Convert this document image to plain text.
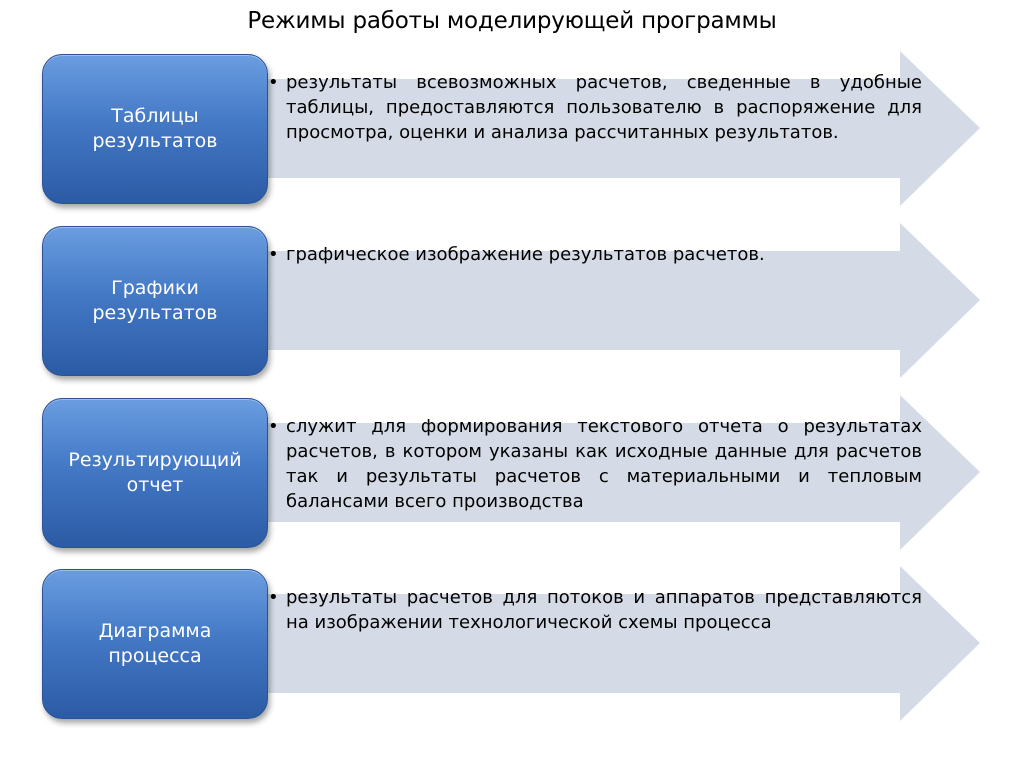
Режимы работы моделирующей программы
Таблицы
результатов
• результаты всевозможных расчетов, сведенные в удобные таблицы, предоставляются пользователю в распоряжение для просмотра, оценки и анализа рассчитанных результатов.
Графики
результатов
• графическое изображение результатов расчетов.
Результирующий
отчет
• служит для формирования текстового отчета о результатах расчетов, в котором указаны как исходные данные для расчетов так и результаты расчетов с материальными и тепловым балансами всего производства
Диаграмма
процесса
• результаты расчетов для потоков и аппаратов представляются на изображении технологической схемы процесса
